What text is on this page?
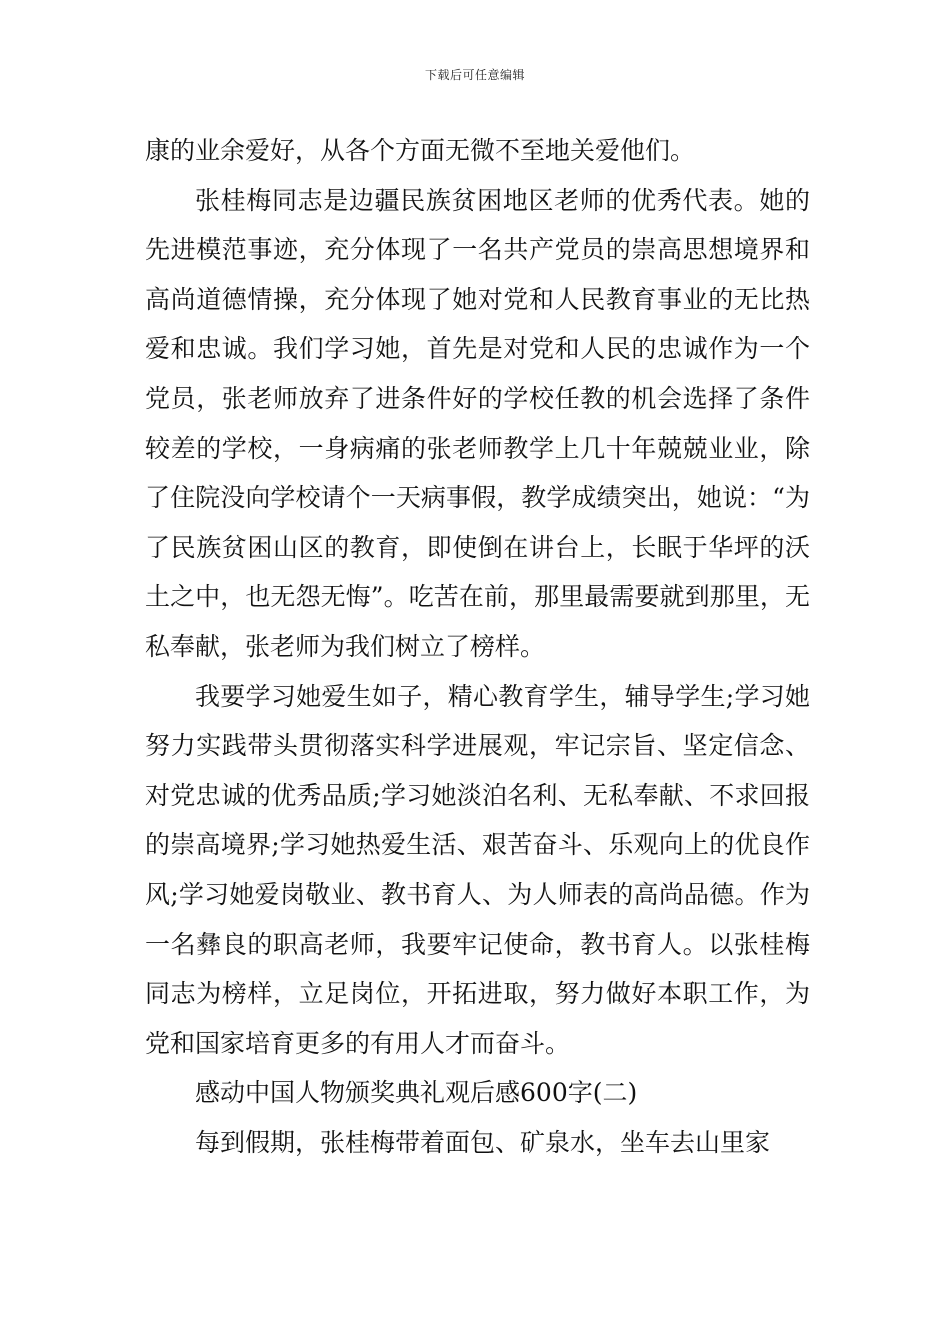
下载后可任意编辑

康的业余爱好，从各个方面无微不至地关爱他们。

张桂梅同志是边疆民族贫困地区老师的优秀代表。她的先进模范事迹，充分体现了一名共产党员的崇高思想境界和高尚道德情操，充分体现了她对党和人民教育事业的无比热爱和忠诚。我们学习她，首先是对党和人民的忠诚作为一个党员，张老师放弃了进条件好的学校任教的机会选择了条件较差的学校，一身病痛的张老师教学上几十年兢兢业业，除了住院没向学校请个一天病事假，教学成绩突出，她说：“为了民族贫困山区的教育，即使倒在讲台上，长眠于华坪的沃土之中，也无怨无悔”。吃苦在前，那里最需要就到那里，无私奉献，张老师为我们树立了榜样。

我要学习她爱生如子，精心教育学生，辅导学生;学习她努力实践带头贯彻落实科学进展观，牢记宗旨、坚定信念、对党忠诚的优秀品质;学习她淡泊名利、无私奉献、不求回报的崇高境界;学习她热爱生活、艰苦奋斗、乐观向上的优良作风;学习她爱岗敬业、教书育人、为人师表的高尚品德。作为一名彝良的职高老师，我要牢记使命，教书育人。以张桂梅同志为榜样，立足岗位，开拓进取，努力做好本职工作，为党和国家培育更多的有用人才而奋斗。

感动中国人物颁奖典礼观后感600字(二)

每到假期，张桂梅带着面包、矿泉水，坐车去山里家
